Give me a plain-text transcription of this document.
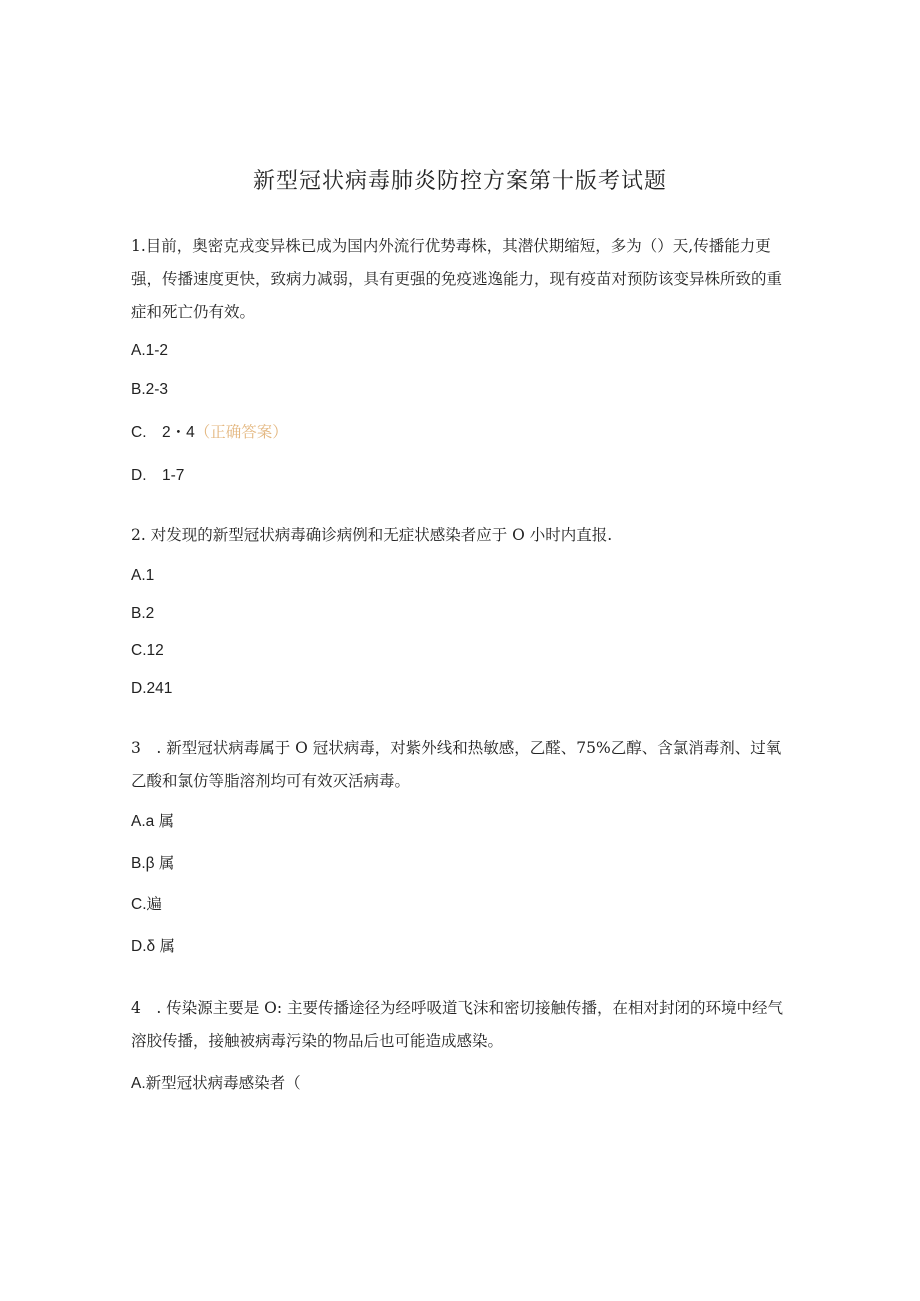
新型冠状病毒肺炎防控方案第十版考试题
1.目前，奥密克戎变异株已成为国内外流行优势毒株，其潜伏期缩短，多为（）天,传播能力更强，传播速度更快，致病力减弱，具有更强的免疫逃逸能力，现有疫苗对预防该变异株所致的重症和死亡仍有效。
A.1-2
B.2-3
C.　2・4（正确答案）
D.　1-7
2. 对发现的新型冠状病毒确诊病例和无症状感染者应于 O 小时内直报.
A.1
B.2
C.12
D.241
3　. 新型冠状病毒属于 O 冠状病毒，对紫外线和热敏感，乙醛、75%乙醇、含氯消毒剂、过氧乙酸和氯仿等脂溶剂均可有效灭活病毒。
A.a 属
B.β 属
C.遍
D.δ 属
4　. 传染源主要是 O: 主要传播途径为经呼吸道飞沫和密切接触传播，在相对封闭的环境中经气溶胶传播，接触被病毒污染的物品后也可能造成感染。
A.新型冠状病毒感染者（
